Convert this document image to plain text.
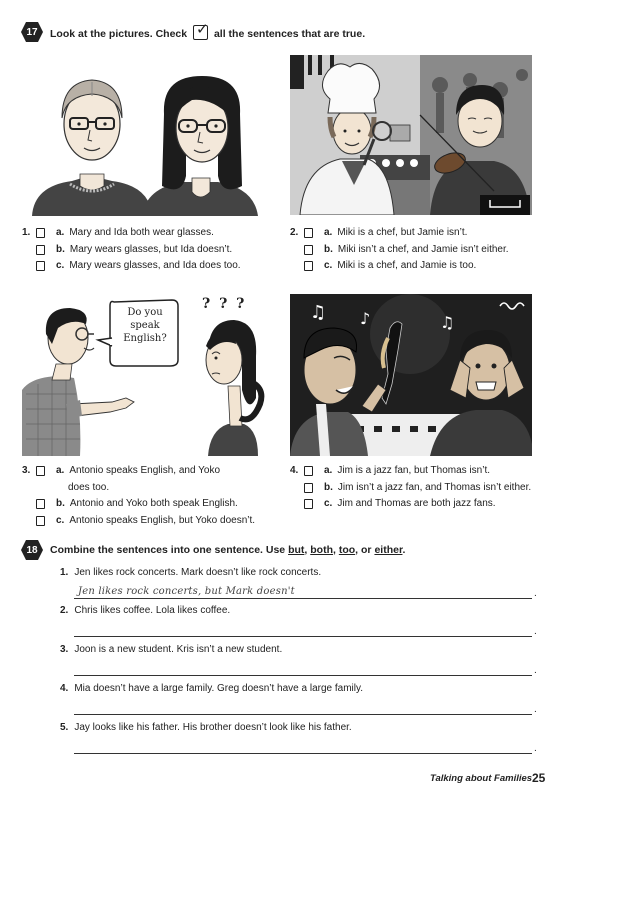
17 Look at the pictures. Check ✓ all the sentences that are true.
1.	a. Mary and Ida both wear glasses.
b. Mary wears glasses, but Ida doesn’t.
c. Mary wears glasses, and Ida does too.
2.	a. Miki is a chef, but Jamie isn’t.
b. Miki isn’t a chef, and Jamie isn’t either.
c. Miki is a chef, and Jamie is too.
Do you
speak
English?
? ? ?	♫ ♪	♫
3.	a. Antonio speaks English, and Yoko
does too.
b. Antonio and Yoko both speak English.
c. Antonio speaks English, but Yoko doesn’t.
4.	a. Jim is a jazz fan, but Thomas isn’t.
b. Jim isn’t a jazz fan, and Thomas isn’t either.
c. Jim and Thomas are both jazz fans.
18 Combine the sentences into one sentence. Use but, both, too, or either.
1. Jen likes rock concerts. Mark doesn’t like rock concerts.
Jen likes rock concerts, but Mark doesn't	.
2. Chris likes coffee. Lola likes coffee.
.
3. Joon is a new student. Kris isn’t a new student.
.
4. Mia doesn’t have a large family. Greg doesn’t have a large family.
.
5. Jay looks like his father. His brother doesn’t look like his father.
.
Talking about Families 25
